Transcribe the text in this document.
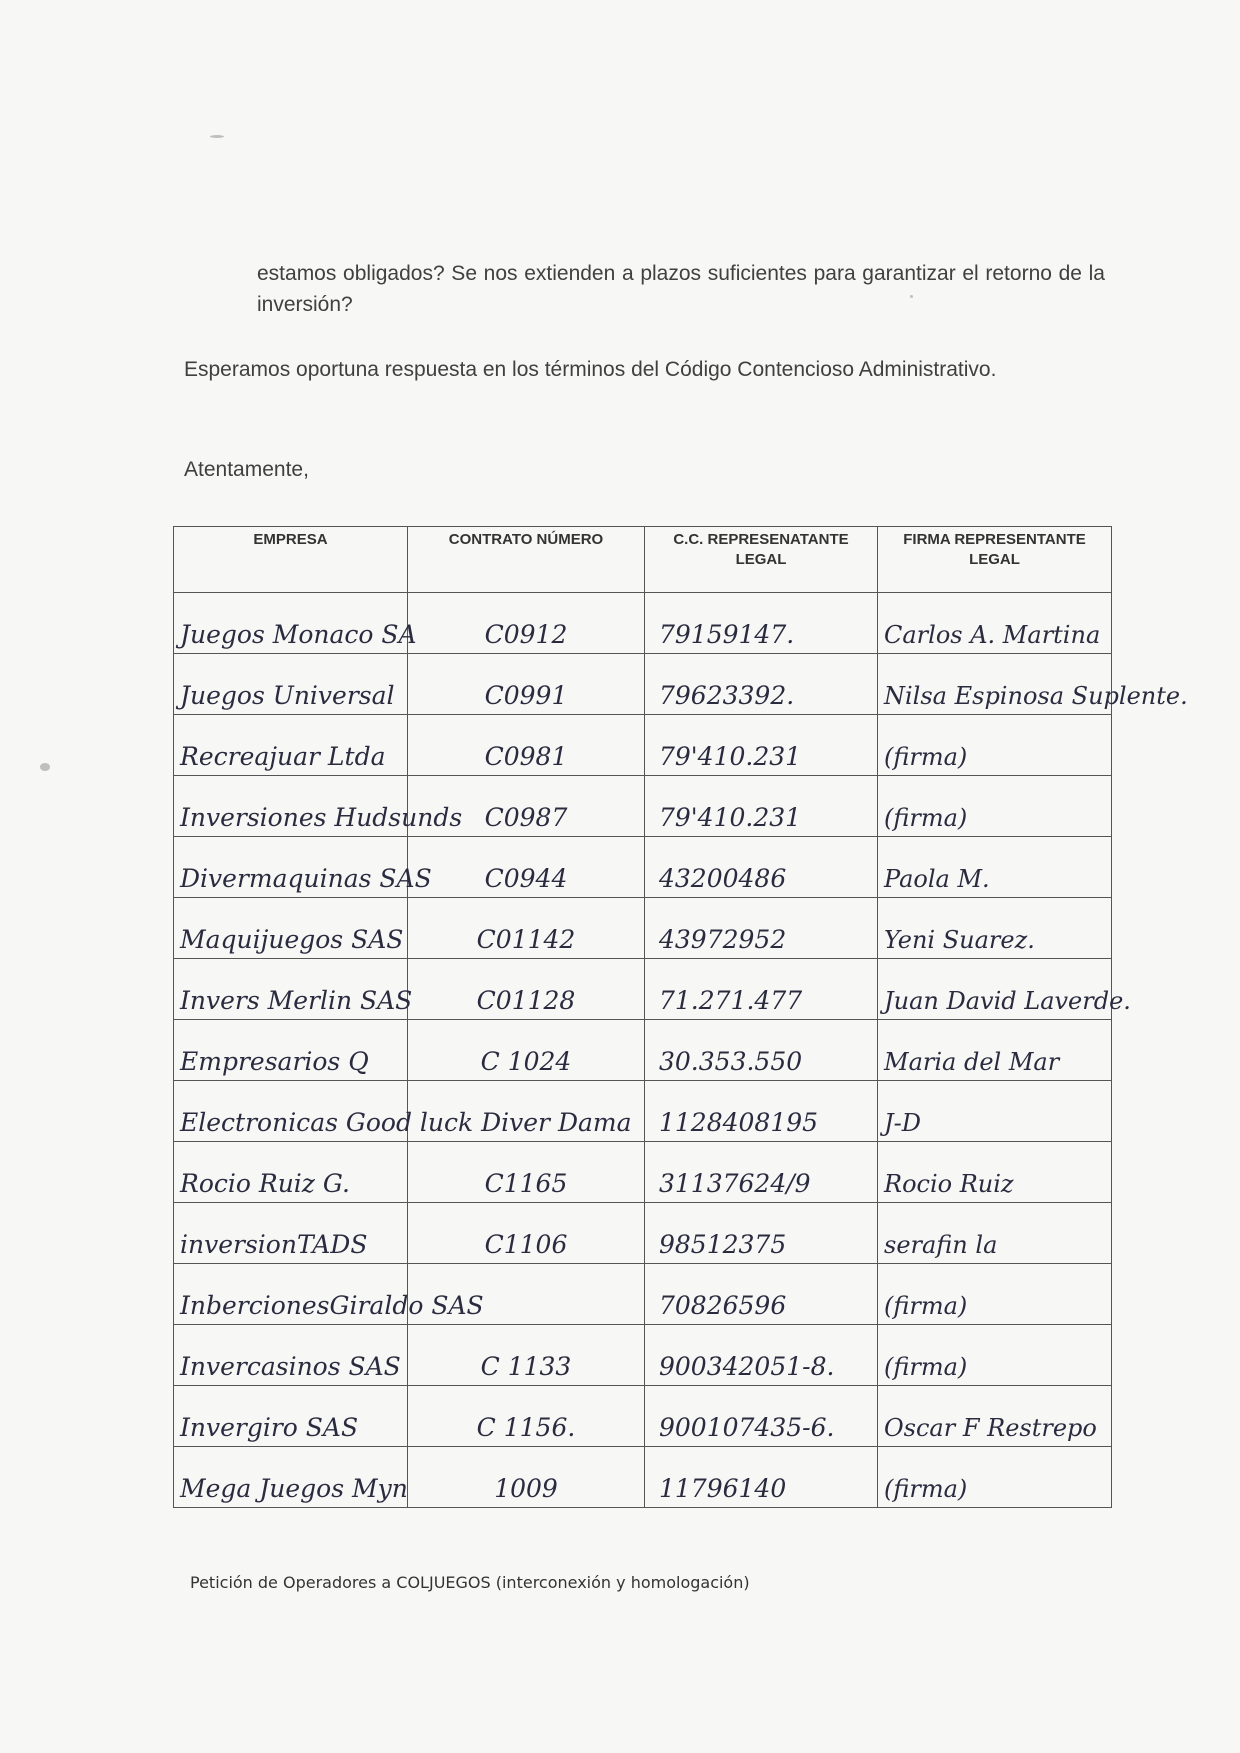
estamos obligados? Se nos extienden a plazos suficientes para garantizar el retorno de la inversión?

Esperamos oportuna respuesta en los términos del Código Contencioso Administrativo.

Atentamente,

EMPRESA	CONTRATO NÚMERO	C.C. REPRESENATANTE LEGAL	FIRMA REPRESENTANTE LEGAL
Juegos Monaco SA	C0912	79159147.	Carlos A. Martina
Juegos Universal	C0991	79623392.	Nilsa Espinosa Suplente.
Recreajuar Ltda	C0981	79'410.231	(firma)
Inversiones Hudsunds	C0987	79'410.231	(firma)
Divermaquinas SAS	C0944	43200486	Paola M.
Maquijuegos SAS	C01142	43972952	Yeni Suarez.
Invers Merlin SAS	C01128	71.271.477	Juan David Laverde.
Empresarios Q	C 1024	30.353.550	Maria del Mar
Electronicas Good luck Diver Dama		1128408195	J-D
Rocio Ruiz G.	C1165	31137624/9	Rocio Ruiz
inversionTADS	C1106	98512375	serafin la
InbercionesGiraldo SAS		70826596	(firma)
Invercasinos SAS	C 1133	900342051-8.	(firma)
Invergiro SAS	C 1156.	900107435-6.	Oscar F Restrepo
Mega Juegos Myn	1009	11796140	(firma)
Petición de Operadores a COLJUEGOS (interconexión y homologación)
